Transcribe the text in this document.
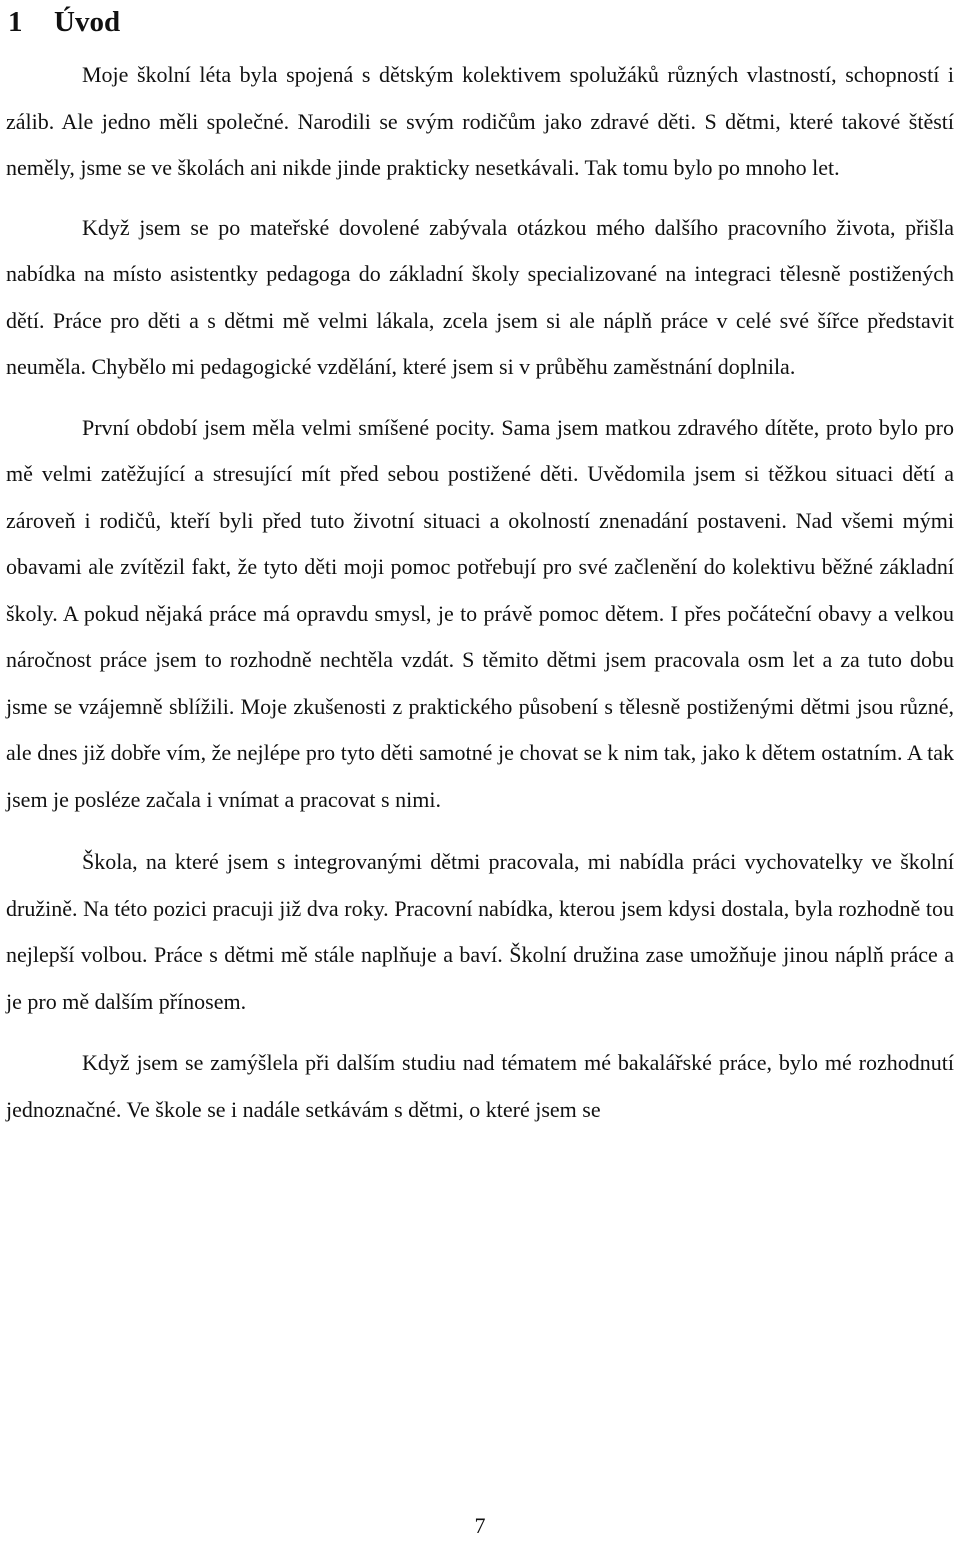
1 Úvod

Moje školní léta byla spojená s dětským kolektivem spolužáků různých vlastností, schopností i zálib. Ale jedno měli společné. Narodili se svým rodičům jako zdravé děti. S dětmi, které takové štěstí neměly, jsme se ve školách ani nikde jinde prakticky nesetkávali. Tak tomu bylo po mnoho let.

Když jsem se po mateřské dovolené zabývala otázkou mého dalšího pracovního života, přišla nabídka na místo asistentky pedagoga do základní školy specializované na integraci tělesně postižených dětí. Práce pro děti a s dětmi mě velmi lákala, zcela jsem si ale náplň práce v celé své šířce představit neuměla. Chybělo mi pedagogické vzdělání, které jsem si v průběhu zaměstnání doplnila.

První období jsem měla velmi smíšené pocity. Sama jsem matkou zdravého dítěte, proto bylo pro mě velmi zatěžující a stresující mít před sebou postižené děti. Uvědomila jsem si těžkou situaci dětí a zároveň i rodičů, kteří byli před tuto životní situaci a okolností znenadání postaveni. Nad všemi mými obavami ale zvítězil fakt, že tyto děti moji pomoc potřebují pro své začlenění do kolektivu běžné základní školy. A pokud nějaká práce má opravdu smysl, je to právě pomoc dětem. I přes počáteční obavy a velkou náročnost práce jsem to rozhodně nechtěla vzdát. S těmito dětmi jsem pracovala osm let a za tuto dobu jsme se vzájemně sblížili. Moje zkušenosti z praktického působení s tělesně postiženými dětmi jsou různé, ale dnes již dobře vím, že nejlépe pro tyto děti samotné je chovat se k nim tak, jako k dětem ostatním. A tak jsem je posléze začala i vnímat a pracovat s nimi.

Škola, na které jsem s integrovanými dětmi pracovala, mi nabídla práci vychovatelky ve školní družině. Na této pozici pracuji již dva roky. Pracovní nabídka, kterou jsem kdysi dostala, byla rozhodně tou nejlepší volbou. Práce s dětmi mě stále naplňuje a baví. Školní družina zase umožňuje jinou náplň práce a je pro mě dalším přínosem.

Když jsem se zamýšlela při dalším studiu nad tématem mé bakalářské práce, bylo mé rozhodnutí jednoznačné. Ve škole se i nadále setkávám s dětmi, o které jsem se

7
